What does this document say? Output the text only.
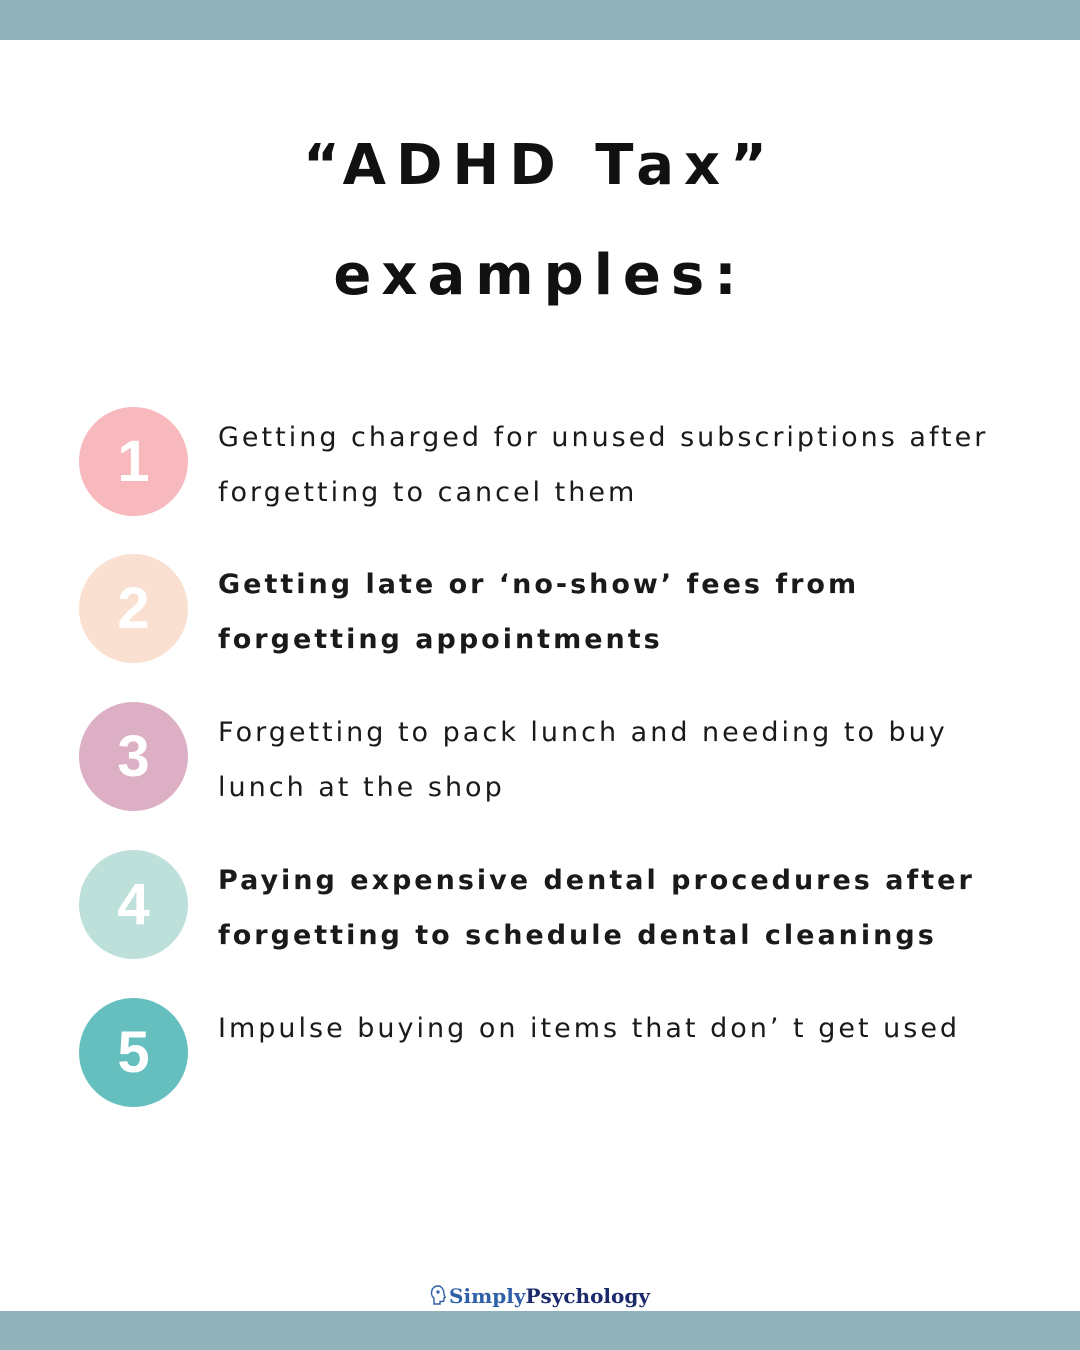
“ADHD Tax”
examples:
1	Getting charged for unused subscriptions after forgetting to cancel them
2	Getting late or ‘no-show’ fees from forgetting appointments
3	Forgetting to pack lunch and needing to buy lunch at the shop
4	Paying expensive dental procedures after forgetting to schedule dental cleanings
5	Impulse buying on items that don’ t get used
SimplyPsychology
